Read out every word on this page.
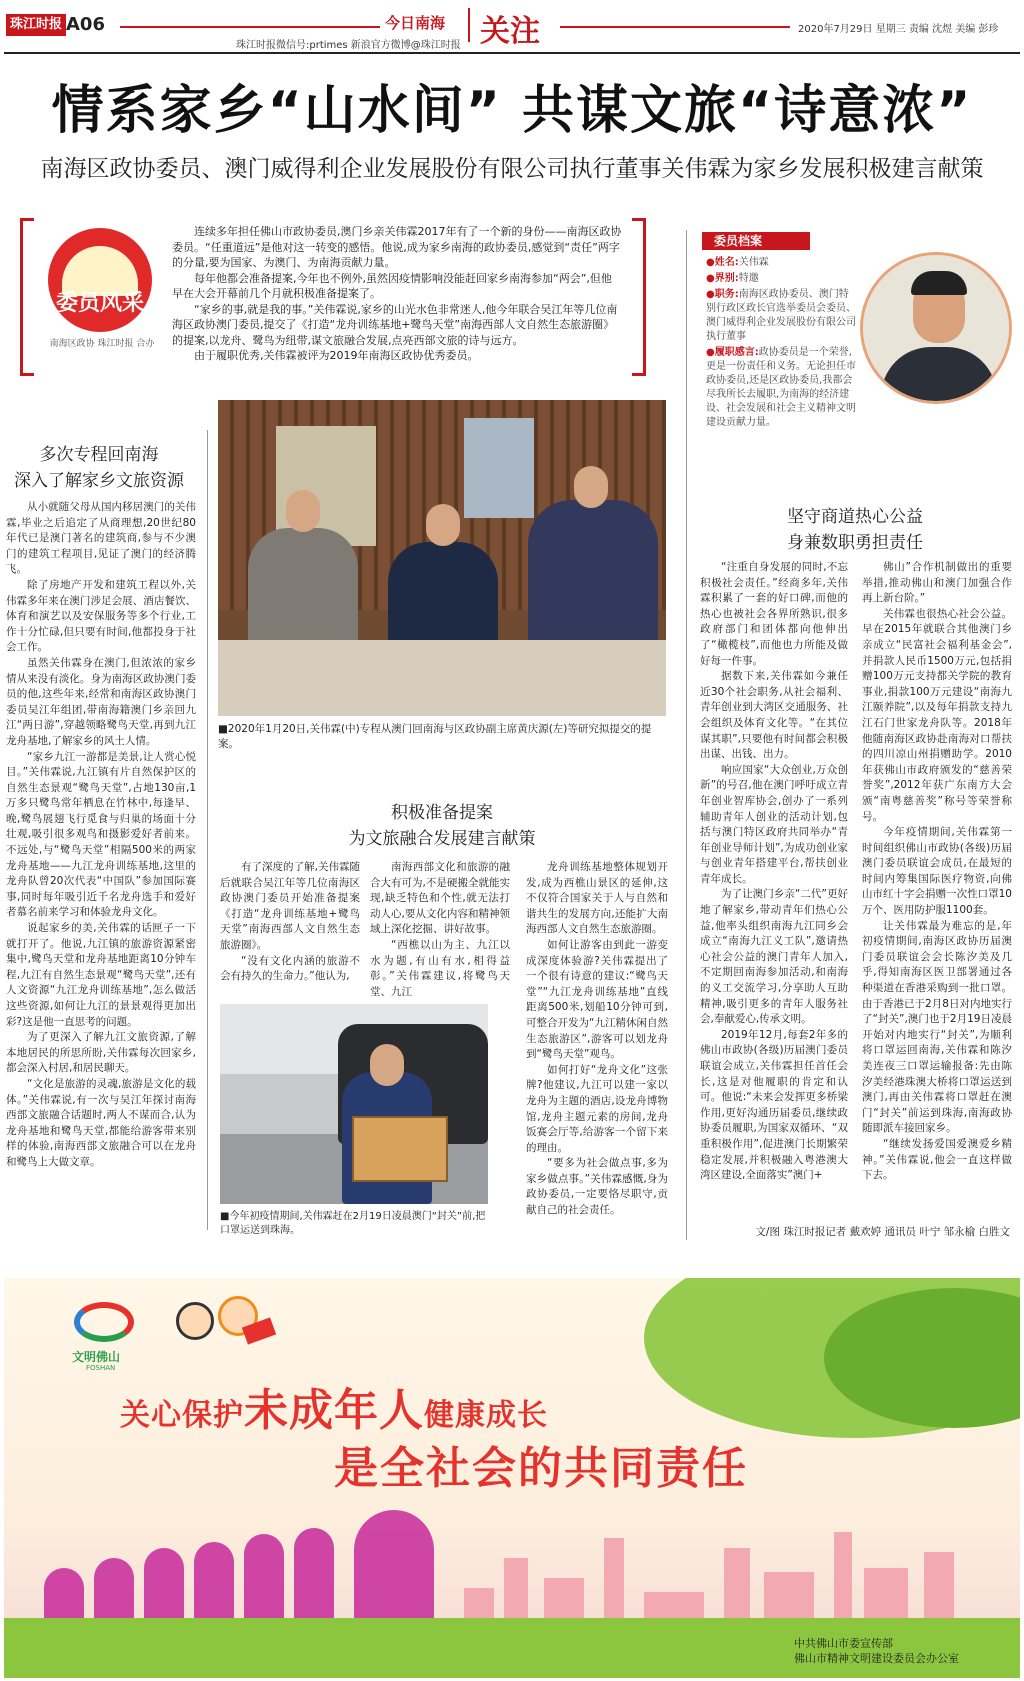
珠江时报 A06
珠江时报微信号:prtimes 新浪官方微博@珠江时报
今日南海 关注	2020年7月29日 星期三 责编 沈煜 美编 彭珍
情系家乡“山水间” 共谋文旅“诗意浓”
南海区政协委员、澳门威得利企业发展股份有限公司执行董事关伟霖为家乡发展积极建言献策
委员风采
南海区政协 珠江时报 合办

连续多年担任佛山市政协委员,澳门乡亲关伟霖2017年有了一个新的身份——南海区政协委员。“任重道远”是他对这一转变的感悟。他说,成为家乡南海的政协委员,感觉到“责任”两字的分量,要为国家、为澳门、为南海贡献力量。

每年他都会准备提案,今年也不例外,虽然因疫情影响没能赶回家乡南海参加“两会”,但他早在大会开幕前几个月就积极准备提案了。

“家乡的事,就是我的事。”关伟霖说,家乡的山光水色非常迷人,他今年联合吴江年等几位南海区政协澳门委员,提交了《打造“龙舟训练基地+鹭鸟天堂”南海西部人文自然生态旅游圈》的提案,以龙舟、鹭鸟为纽带,谋文旅融合发展,点亮西部文旅的诗与远方。

由于履职优秀,关伟霖被评为2019年南海区政协优秀委员。

委员档案
●姓名:关伟霖
●界别:特邀
●职务:南海区政协委员、澳门特别行政区政长官选举委员会委员、澳门威得利企业发展股份有限公司执行董事
●履职感言:政协委员是一个荣誉,更是一份责任和义务。无论担任市政协委员,还是区政协委员,我都会尽我所长去履职,为南海的经济建设、社会发展和社会主义精神文明建设贡献力量。
■2020年1月20日,关伟霖(中)专程从澳门回南海与区政协副主席黄庆源(左)等研究拟提交的提案。
多次专程回南海
深入了解家乡文旅资源

从小就随父母从国内移居澳门的关伟霖,毕业之后追定了从商理想,20世纪80年代已是澳门著名的建筑商,参与不少澳门的建筑工程项目,见证了澳门的经济腾飞。

除了房地产开发和建筑工程以外,关伟霖多年来在澳门涉足会展、酒店餐饮、体育和演艺以及安保服务等多个行业,工作十分忙碌,但只要有时间,他都投身于社会工作。

虽然关伟霖身在澳门,但浓浓的家乡情从来没有淡化。身为南海区政协澳门委员的他,这些年来,经常和南海区政协澳门委员吴江年组团,带南海籍澳门乡亲回九江“两日游”,穿越领略鹭鸟天堂,再到九江龙舟基地,了解家乡的风土人情。

“家乡九江一游都是美景,让人赏心悦目。”关伟霖说,九江镇有片自然保护区的自然生态景观“鹭鸟天堂”,占地130亩,1万多只鹭鸟常年栖息在竹林中,每逢早、晚,鹭鸟展翅飞行觅食与归巢的场面十分壮观,吸引很多观鸟和摄影爱好者前来。不远处,与“鹭鸟天堂”相隔500米的两家龙舟基地——九江龙舟训练基地,这里的龙舟队曾20次代表“中国队”参加国际赛事,同时每年吸引近千名龙舟选手和爱好者慕名前来学习和体验龙舟文化。

说起家乡的美,关伟霖的话匣子一下就打开了。他说,九江镇的旅游资源紧密集中,鹭鸟天堂和龙舟基地距离10分钟车程,九江有自然生态景观“鹭鸟天堂”,还有人文资源“九江龙舟训练基地”,怎么做活这些资源,如何让九江的景景观得更加出彩?这是他一直思考的问题。

为了更深入了解九江文旅资源,了解本地居民的所思所盼,关伟霖每次回家乡,都会深入村居,和居民聊天。

“文化是旅游的灵魂,旅游是文化的载体。”关伟霖说,有一次与吴江年探讨南海西部文旅融合话题时,两人不谋而合,认为龙舟基地和鹭鸟天堂,都能给游客带来别样的体验,南海西部文旅融合可以在龙舟和鹭鸟上大做文章。

积极准备提案
为文旅融合发展建言献策

有了深度的了解,关伟霖随后就联合吴江年等几位南海区政协澳门委员开始准备提案《打造“龙舟训练基地+鹭鸟天堂”南海西部人文自然生态旅游圈》。

“没有文化内涵的旅游不会有持久的生命力。”他认为,

南海西部文化和旅游的融合大有可为,不是硬搬全就能实现,缺乏特色和个性,就无法打动人心,要从文化内容和精神领域上深化挖掘、讲好故事。

“西樵以山为主、九江以水为题,有山有水,相得益彰。”关伟霖建议,将鹭鸟天堂、九江

龙舟训练基地整体规划开发,成为西樵山景区的延伸,这不仅符合国家关于人与自然和谐共生的发展方向,还能扩大南海西部人文自然生态旅游圈。

如何让游客由到此一游变成深度体验游?关伟霖提出了一个很有诗意的建议:“鹭鸟天堂”“九江龙舟训练基地”直线距离500米,划船10分钟可到,可整合开发为“九江精休闲自然生态旅游区”,游客可以划龙舟到“鹭鸟天堂”观鸟。

如何打好“龙舟文化”这张牌?他建议,九江可以建一家以龙舟为主题的酒店,设龙舟博物馆,龙舟主题元素的房间,龙舟饭赛会厅等,给游客一个留下来的理由。

“要多为社会做点事,多为家乡做点事。”关伟霖感慨,身为政协委员,一定要恪尽职守,贡献自己的社会责任。

■今年初疫情期间,关伟霖赶在2月19日凌晨澳门“封关”前,把口罩运送到珠海。
坚守商道热心公益
身兼数职勇担责任

“注重自身发展的同时,不忘积极社会责任。”经商多年,关伟霖积累了一套的好口碑,而他的热心也被社会各界所熟识,很多政府部门和团体都向他伸出了“橄榄枝”,而他也力所能及做好每一件事。

据数下来,关伟霖如今兼任近30个社会职务,从社会福利、青年创业到大湾区交通服务、社会组织及体育文化等。“在其位谋其职”,只要他有时间都会积极出谋、出钱、出力。

响应国家“大众创业,万众创新”的号召,他在澳门呼吁成立青年创业智库协会,创办了一系列辅助青年人创业的活动计划,包括与澳门特区政府共同举办“青年创业导师计划”,为成功创业家与创业青年搭建平台,帮扶创业青年成长。

为了让澳门乡亲“二代”更好地了解家乡,带动青年们热心公益,他率头组织南海九江同乡会成立“南海九江义工队”,邀请热心社会公益的澳门青年人加入,不定期回南海参加活动,和南海的义工交流学习,分享助人互助精神,吸引更多的青年人服务社会,奉献爱心,传承文明。

2019年12月,每套2年多的佛山市政协(各级)历届澳门委员联谊会成立,关伟霖担任首任会长,这是对他履职的肯定和认可。他说:“未来会发挥更多桥梁作用,更好沟通历届委员,继续政协委员履职,为国家双循环、“双重积极作用”,促进澳门长期繁荣稳定发展,并积极融入粤港澳大湾区建设,全面落实”澳门+

佛山”合作机制做出的重要举措,推动佛山和澳门加强合作再上新台阶。”

关伟霖也很热心社会公益。早在2015年就联合其他澳门乡亲成立“民富社会福利基金会”,并捐款人民币1500万元,包括捐赠100万元支持都关学院的教育事业,捐款100万元建设“南海九江颐养院”,以及每年捐款支持九江石门世家龙舟队等。2018年他随南海区政协赴南海对口帮扶的四川凉山州捐赠助学。2010年获佛山市政府颁发的“慈善荣誉奖”,2012年获广东南方大会颁“南粤慈善奖”称号等荣誉称号。

今年疫情期间,关伟霖第一时间组织佛山市政协(各级)历届澳门委员联谊会成员,在最短的时间内筹集国际医疗物资,向佛山市红十字会捐赠一次性口罩10万个、医用防护服1100套。

让关伟霖最为难忘的是,年初疫情期间,南海区政协历届澳门委员联谊会会长陈汐美及几乎,得知南海区医卫部署通过各种渠道在香港采购到一批口罩。由于香港已于2月8日对内地实行了“封关”,澳门也于2月19日凌晨开始对内地实行“封关”,为顺利将口罩运回南海,关伟霖和陈汐美连夜三口罩运输报备:先由陈汐美经港珠澳大桥将口罩运送到澳门,再由关伟霖将口罩赶在澳门“封关”前运到珠海,南海政协随即派车接回家乡。

“继续发扬爱国爱澳爱乡精神。”关伟霖说,他会一直这样做下去。

文/图 珠江时报记者 戴欢婷 通讯员 叶宁 邹永榆 白胜文
文明佛山
FOSHAN
关心保护未成年人健康成长
是全社会的共同责任
中共佛山市委宣传部
佛山市精神文明建设委员会办公室
